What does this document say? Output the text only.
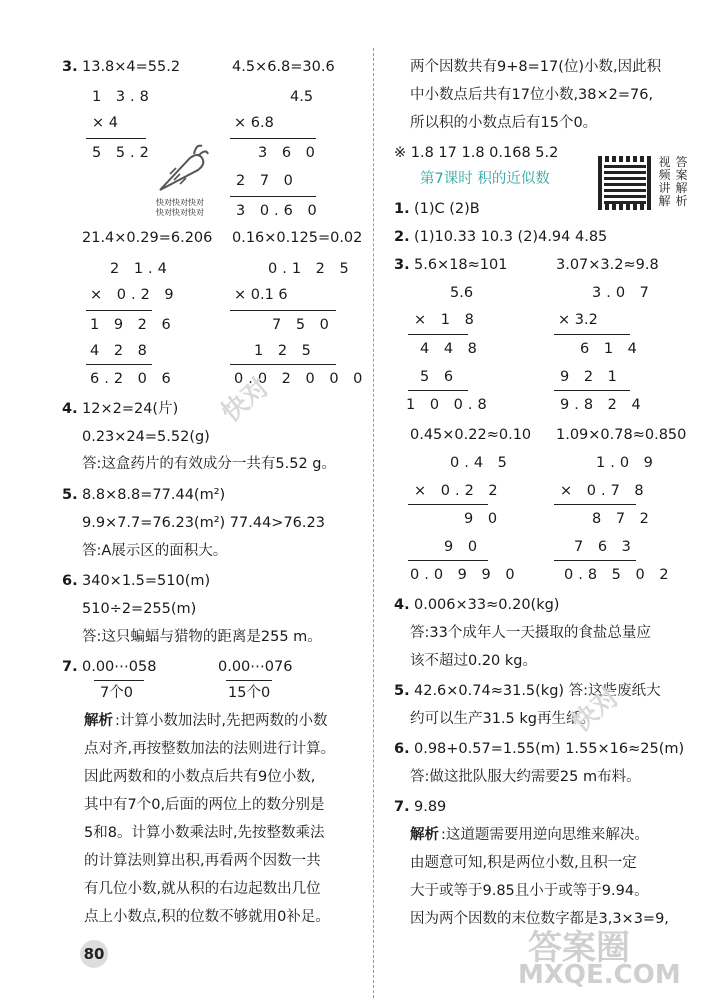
3. 13.8×4=55.2	4.5×6.8=30.6
1 3.8
× 4
5 5.2
4.5
× 6.8
3 6 0
2 7 0
3 0.6 0
快对快对快对
快对快对快对
21.4×0.29=6.206 0.16×0.125=0.02
2 1.4
× 0.2 9
1 9 2 6
4 2 8
6.2 0 6
0.1 2 5
× 0.1 6
7 5 0
1 2 5
0.0 2 0 0 0
4. 12×2=24(片)
0.23×24=5.52(g)
答:这盒药片的有效成分一共有5.52 g。
5. 8.8×8.8=77.44(m²)
9.9×7.7=76.23(m²) 77.44>76.23
答:A展示区的面积大。
6. 340×1.5=510(m)
510÷2=255(m)
答:这只蝙蝠与猎物的距离是255 m。
7. 0.00⋯058
7个0
0.00⋯076
15个0
解析 :计算小数加法时,先把两数的小数
点对齐,再按整数加法的法则进行计算。
因此两数和的小数点后共有9位小数,
其中有7个0,后面的两位上的数分别是
5和8。计算小数乘法时,先按整数乘法
的计算法则算出积,再看两个因数一共
有几位小数,就从积的右边起数出几位
点上小数点,积的位数不够就用0补足。
80
快对
两个因数共有9+8=17(位)小数,因此积
中小数点后共有17位小数,38×2=76,
所以积的小数点后有15个0。
※ 1.8 17 1.8 0.168 5.2
第7课时 积的近似数
1. (1)C (2)B
2. (1)10.33 10.3 (2)4.94 4.85
3. 5.6×18≈101	3.07×3.2≈9.8
5.6
× 1 8
4 4 8
5 6
1 0 0.8
3.0 7
× 3.2
6 1 4
9 2 1
9.8 2 4
0.45×0.22≈0.10 1.09×0.78≈0.850
0.4 5
× 0.2 2
9 0
9 0
0.0 9 9 0
1.0 9
× 0.7 8
8 7 2
7 6 3
0.8 5 0 2
4. 0.006×33≈0.20(kg)
答:33个成年人一天摄取的食盐总量应
该不超过0.20 kg。
5. 42.6×0.74≈31.5(kg) 答:这些废纸大
约可以生产31.5 kg再生纸。
6. 0.98+0.57=1.55(m) 1.55×16≈25(m)
答:做这批队服大约需要25 m布料。
7. 9.89
解析 :这道题需要用逆向思维来解决。
由题意可知,积是两位小数,且积一定
大于或等于9.85且小于或等于9.94。
因为两个因数的末位数字都是3,3×3=9,
快对
答案圈
MXQE.COM
视 答
频 案
讲 解
解 析
